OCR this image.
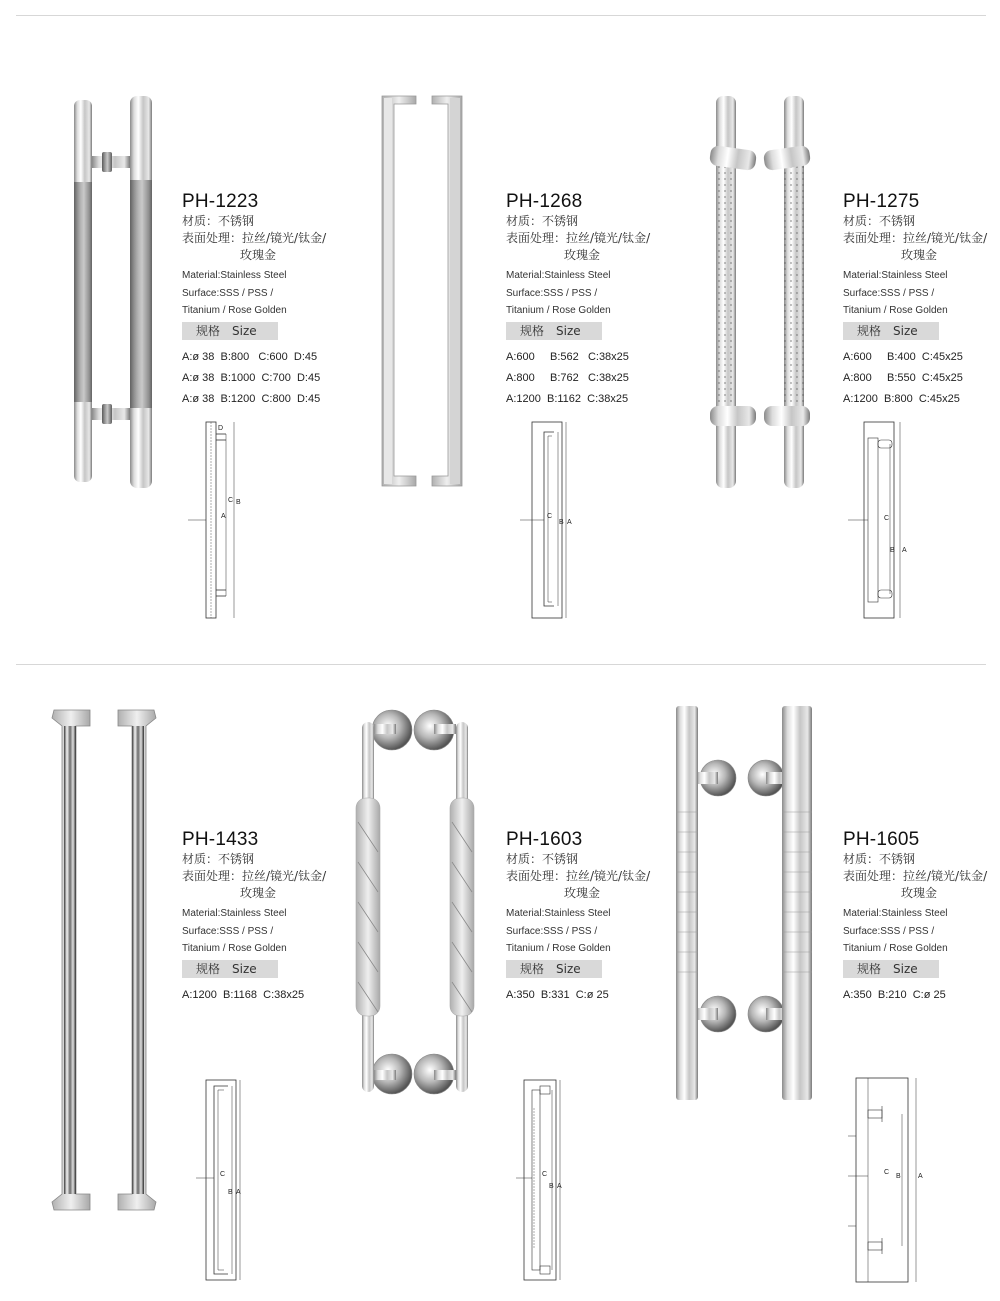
PH-1223
材质：不锈钢
表面处理：拉丝/镜光/钛金/
玫瑰金
Material:Stainless Steel
Surface:SSS / PSS /
Titanium / Rose Golden
规格　Size
A:ø 38  B:800   C:600  D:45
A:ø 38  B:1000  C:700  D:45
A:ø 38  B:1200  C:800  D:45
A
C B
D
PH-1268
材质：不锈钢
表面处理：拉丝/镜光/钛金/
玫瑰金
Material:Stainless Steel
Surface:SSS / PSS /
Titanium / Rose Golden
规格　Size
A:600     B:562   C:38x25
A:800     B:762   C:38x25
A:1200  B:1162  C:38x25
C
B A
PH-1275
材质：不锈钢
表面处理：拉丝/镜光/钛金/
玫瑰金
Material:Stainless Steel
Surface:SSS / PSS /
Titanium / Rose Golden
规格　Size
A:600     B:400  C:45x25
A:800     B:550  C:45x25
A:1200  B:800  C:45x25
C
B A
PH-1433
材质：不锈钢
表面处理：拉丝/镜光/钛金/
玫瑰金
Material:Stainless Steel
Surface:SSS / PSS /
Titanium / Rose Golden
规格　Size
A:1200  B:1168  C:38x25
C
B A
PH-1603
材质：不锈钢
表面处理：拉丝/镜光/钛金/
玫瑰金
Material:Stainless Steel
Surface:SSS / PSS /
Titanium / Rose Golden
规格　Size
A:350  B:331  C:ø 25
C
B A
PH-1605
材质：不锈钢
表面处理：拉丝/镜光/钛金/
玫瑰金
Material:Stainless Steel
Surface:SSS / PSS /
Titanium / Rose Golden
规格　Size
A:350  B:210  C:ø 25
C
B A
